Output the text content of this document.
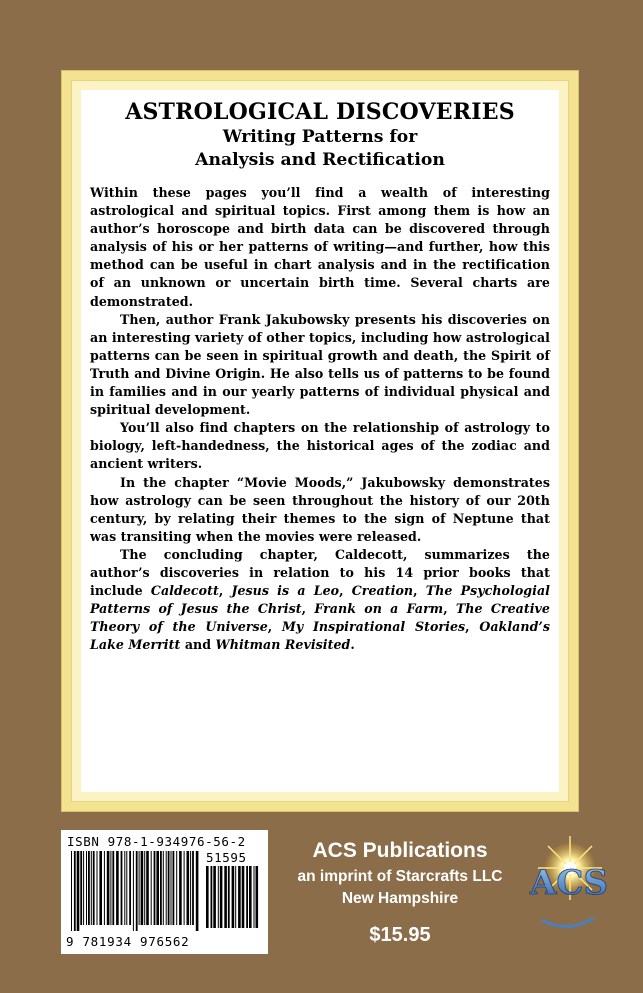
ASTROLOGICAL DISCOVERIES
Writing Patterns for
Analysis and Rectification

Within these pages you’ll find a wealth of interesting astrological and spiritual topics. First among them is how an author’s horoscope and birth data can be discovered through analysis of his or her patterns of writing—and further, how this method can be useful in chart analysis and in the rectification of an unknown or uncertain birth time. Several charts are demonstrated.

Then, author Frank Jakubowsky presents his discoveries on an interesting variety of other topics, including how astrological patterns can be seen in spiritual growth and death, the Spirit of Truth and Divine Origin. He also tells us of patterns to be found in families and in our yearly patterns of individual physical and spiritual development.

You’ll also find chapters on the relationship of astrology to biology, left-handedness, the historical ages of the zodiac and ancient writers.

In the chapter “Movie Moods,” Jakubowsky demonstrates how astrology can be seen throughout the history of our 20th century, by relating their themes to the sign of Neptune that was transiting when the movies were released.

The concluding chapter, Caldecott, summarizes the author’s discoveries in relation to his 14 prior books that include Caldecott, Jesus is a Leo, Creation, The Psychologial Patterns of Jesus the Christ, Frank on a Farm, The Creative Theory of the Universe, My Inspirational Stories, Oakland’s Lake Merritt and Whitman Revisited.

ISBN 978-1-934976-56-2
51595
9 781934 976562
ACS Publications
an imprint of Starcrafts LLC
New Hampshire
$15.95
ACS
